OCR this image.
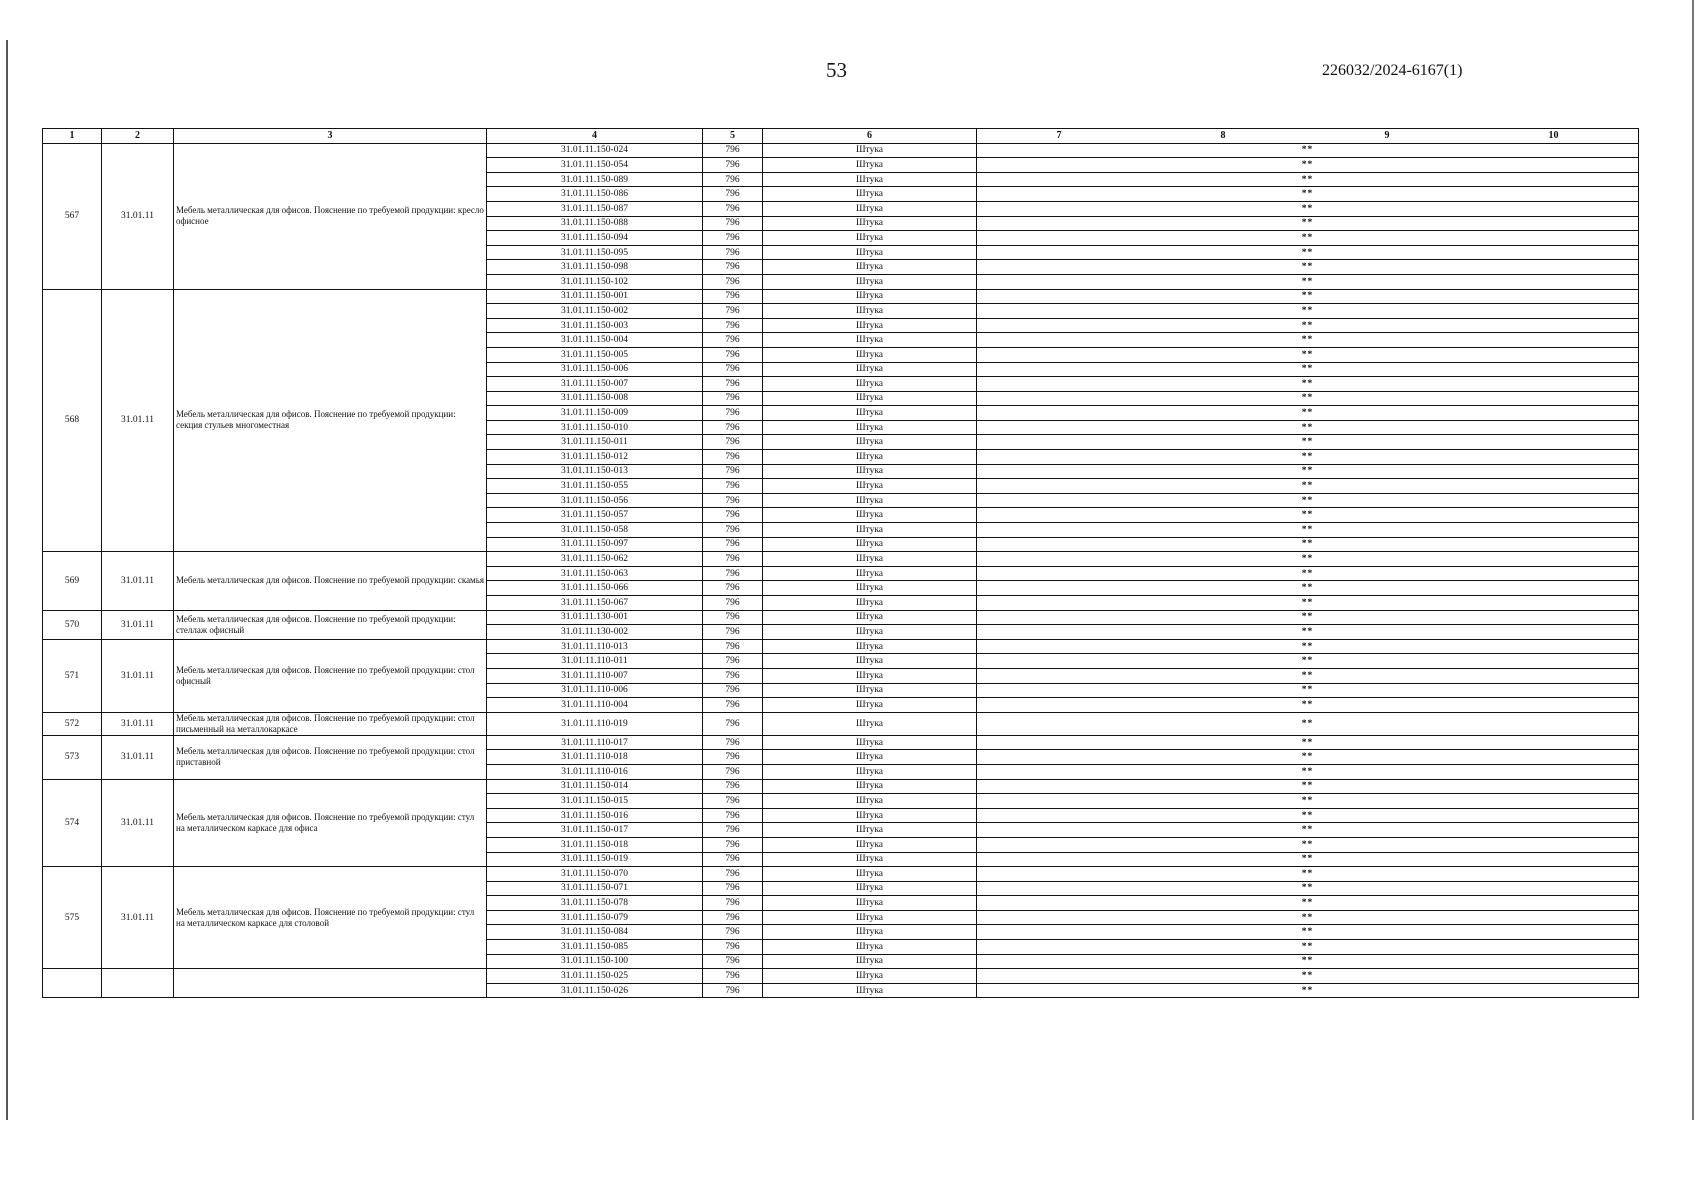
53	226032/2024-6167(1)
1	2	3	4	5	6	7 8 9 10

567	31.01.11	Мебель металлическая для офисов. Пояснение по требуемой продукции: кресло офисное	31.01.11.150-024	796	Штука	**
			31.01.11.150-054	796	Штука	**
			31.01.11.150-089	796	Штука	**
			31.01.11.150-086	796	Штука	**
			31.01.11.150-087	796	Штука	**
			31.01.11.150-088	796	Штука	**
			31.01.11.150-094	796	Штука	**
			31.01.11.150-095	796	Штука	**
			31.01.11.150-098	796	Штука	**
			31.01.11.150-102	796	Штука	**
568	31.01.11	Мебель металлическая для офисов. Пояснение по требуемой продукции: секция стульев многоместная	31.01.11.150-001	796	Штука	**
			31.01.11.150-002	796	Штука	**
			31.01.11.150-003	796	Штука	**
			31.01.11.150-004	796	Штука	**
			31.01.11.150-005	796	Штука	**
			31.01.11.150-006	796	Штука	**
			31.01.11.150-007	796	Штука	**
			31.01.11.150-008	796	Штука	**
			31.01.11.150-009	796	Штука	**
			31.01.11.150-010	796	Штука	**
			31.01.11.150-011	796	Штука	**
			31.01.11.150-012	796	Штука	**
			31.01.11.150-013	796	Штука	**
			31.01.11.150-055	796	Штука	**
			31.01.11.150-056	796	Штука	**
			31.01.11.150-057	796	Штука	**
			31.01.11.150-058	796	Штука	**
			31.01.11.150-097	796	Штука	**
569	31.01.11	Мебель металлическая для офисов. Пояснение по требуемой продукции: скамья	31.01.11.150-062	796	Штука	**
			31.01.11.150-063	796	Штука	**
			31.01.11.150-066	796	Штука	**
			31.01.11.150-067	796	Штука	**
570	31.01.11	Мебель металлическая для офисов. Пояснение по требуемой продукции: стеллаж офисный	31.01.11.130-001	796	Штука	**
			31.01.11.130-002	796	Штука	**
571	31.01.11	Мебель металлическая для офисов. Пояснение по требуемой продукции: стол офисный	31.01.11.110-013	796	Штука	**
			31.01.11.110-011	796	Штука	**
			31.01.11.110-007	796	Штука	**
			31.01.11.110-006	796	Штука	**
			31.01.11.110-004	796	Штука	**
572	31.01.11	Мебель металлическая для офисов. Пояснение по требуемой продукции: стол письменный на металлокаркасе	31.01.11.110-019	796	Штука	**
573	31.01.11	Мебель металлическая для офисов. Пояснение по требуемой продукции: стол приставной	31.01.11.110-017	796	Штука	**
			31.01.11.110-018	796	Штука	**
			31.01.11.110-016	796	Штука	**
574	31.01.11	Мебель металлическая для офисов. Пояснение по требуемой продукции: стул на металлическом каркасе для офиса	31.01.11.150-014	796	Штука	**
			31.01.11.150-015	796	Штука	**
			31.01.11.150-016	796	Штука	**
			31.01.11.150-017	796	Штука	**
			31.01.11.150-018	796	Штука	**
			31.01.11.150-019	796	Штука	**
575	31.01.11	Мебель металлическая для офисов. Пояснение по требуемой продукции: стул на металлическом каркасе для столовой	31.01.11.150-070	796	Штука	**
			31.01.11.150-071	796	Штука	**
			31.01.11.150-078	796	Штука	**
			31.01.11.150-079	796	Штука	**
			31.01.11.150-084	796	Штука	**
			31.01.11.150-085	796	Штука	**
			31.01.11.150-100	796	Штука	**
			31.01.11.150-025	796	Штука	**
			31.01.11.150-026	796	Штука	**
